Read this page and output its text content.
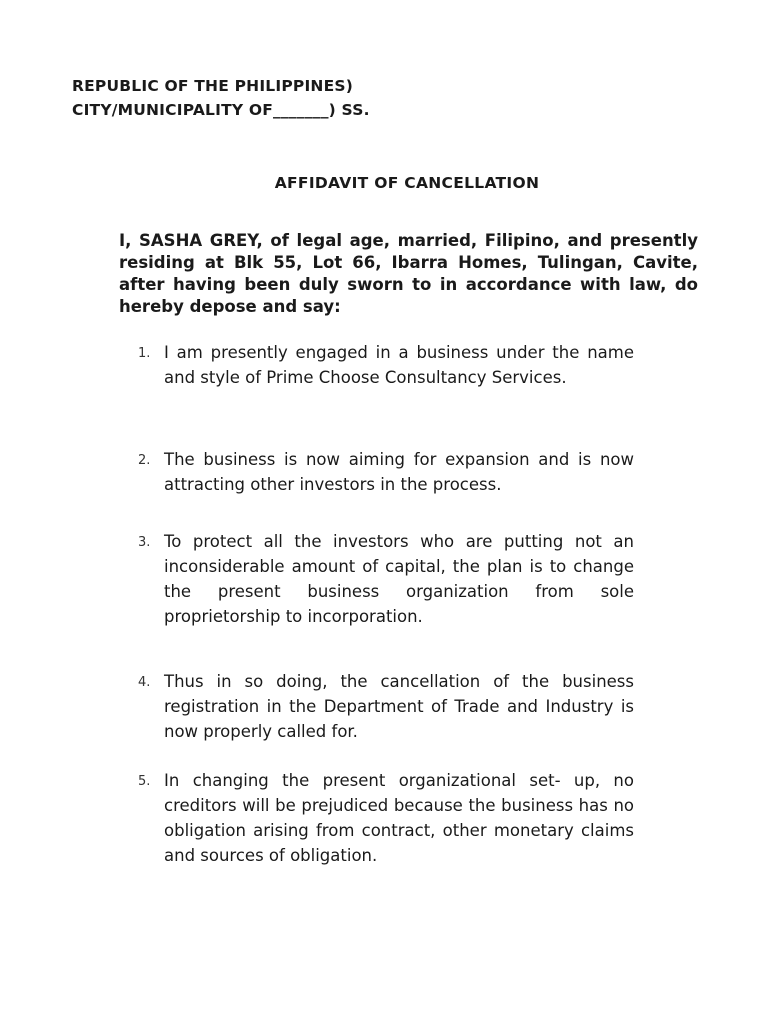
REPUBLIC OF THE PHILIPPINES)
CITY/MUNICIPALITY OF_______) SS.
AFFIDAVIT OF CANCELLATION
I, SASHA GREY, of legal age, married, Filipino, and presently residing at Blk 55, Lot 66, Ibarra Homes, Tulingan, Cavite, after having been duly sworn to in accordance with law, do hereby depose and say:
1. I am presently engaged in a business under the name and style of Prime Choose Consultancy Services.
2. The business is now aiming for expansion and is now attracting other investors in the process.
3. To protect all the investors who are putting not an inconsiderable amount of capital, the plan is to change the present business organization from sole proprietorship to incorporation.
4. Thus in so doing, the cancellation of the business registration in the Department of Trade and Industry is now properly called for.
5. In changing the present organizational set- up, no creditors will be prejudiced because the business has no obligation arising from contract, other monetary claims and sources of obligation.
